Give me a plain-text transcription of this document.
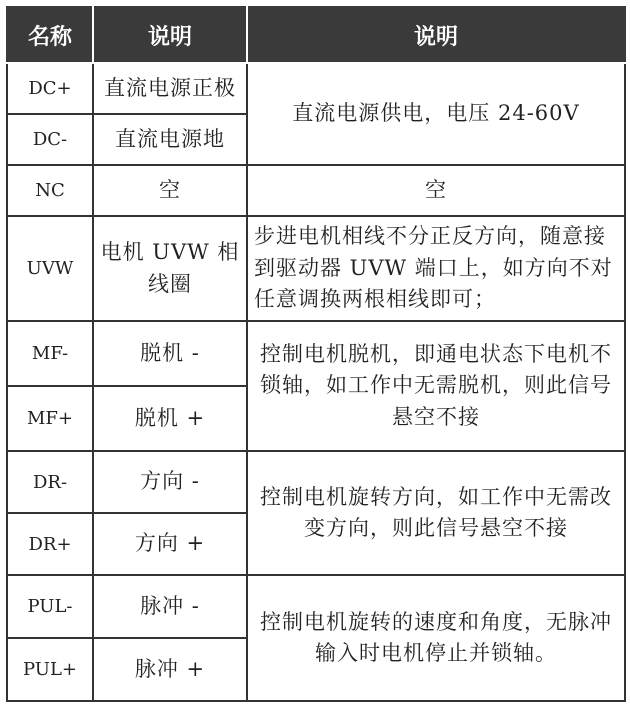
名称	说明	说明
DC+	直流电源正极	直流电源供电，电压 24-60V
DC-	直流电源地	
NC	空	空
UVW	电机 UVW 相线圈	步进电机相线不分正反方向，随意接到驱动器 UVW 端口上，如方向不对任意调换两根相线即可；
MF-	脱机 -	控制电机脱机，即通电状态下电机不锁轴，如工作中无需脱机，则此信号悬空不接
MF+	脱机 +	
DR-	方向 -	控制电机旋转方向，如工作中无需改变方向，则此信号悬空不接
DR+	方向 +	
PUL-	脉冲 -	控制电机旋转的速度和角度，无脉冲输入时电机停止并锁轴。
PUL+	脉冲 +	
